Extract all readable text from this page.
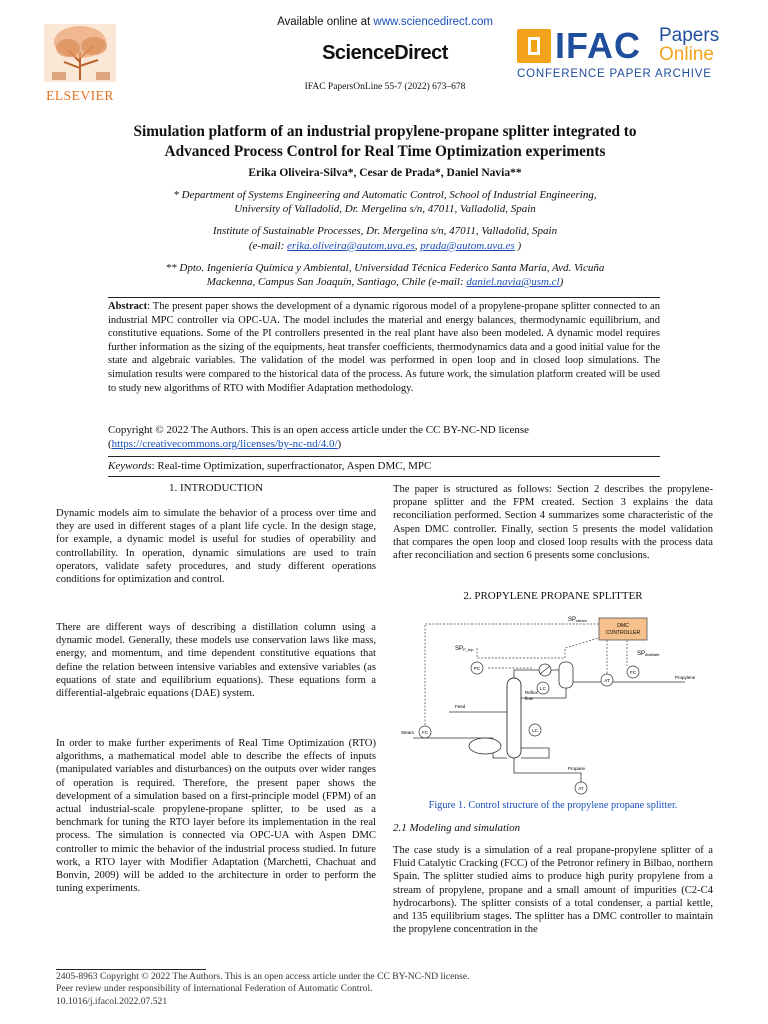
ELSEVIER
Available online at www.sciencedirect.com
ScienceDirect
IFAC PapersOnLine 55-7 (2022) 673–678
IFAC Papers
Online
CONFERENCE PAPER ARCHIVE
Simulation platform of an industrial propylene-propane splitter integrated to
Advanced Process Control for Real Time Optimization experiments
Erika Oliveira-Silva*, Cesar de Prada*, Daniel Navia**
* Department of Systems Engineering and Automatic Control, School of Industrial Engineering,
University of Valladolid, Dr. Mergelina s/n, 47011, Valladolid, Spain
Institute of Sustainable Processes, Dr. Mergelina s/n, 47011, Valladolid, Spain
(e-mail: erika.oliveira@autom.uva.es, prada@autom.uva.es )
** Dpto. Ingeniería Química y Ambiental, Universidad Técnica Federico Santa María, Avd. Vicuña
Mackenna, Campus San Joaquín, Santiago, Chile (e-mail: daniel.navia@usm.cl)
Abstract: The present paper shows the development of a dynamic rigorous model of a propylene-propane splitter connected to an industrial MPC controller via OPC-UA. The model includes the material and energy balances, thermodynamic equilibrium, and constitutive equations. Some of the PI controllers presented in the real plant have also been modeled. A dynamic model requires further information as the sizing of the equipments, heat transfer coefficients, thermodynamics data and a good initial value for the state and algebraic variables. The validation of the model was performed in open loop and in closed loop simulations. The simulation results were compared to the historical data of the process. As future work, the simulation platform created will be used to study new algorithms of RTO with Modifier Adaptation methodology.
Copyright © 2022 The Authors. This is an open access article under the CC BY-NC-ND license
(https://creativecommons.org/licenses/by-nc-nd/4.0/)
Keywords: Real-time Optimization, superfractionator, Aspen DMC, MPC
1. INTRODUCTION
Dynamic models aim to simulate the behavior of a process over time and they are used in different stages of a plant life cycle. In the design stage, for example, a dynamic model is useful for studies of operability and controllability. In operation, dynamic simulations are used to train operators, validate safety procedures, and study different operations conditions for optimization and control.
There are different ways of describing a distillation column using a dynamic model. Generally, these models use conservation laws like mass, energy, and momentum, and time dependent constitutive equations that define the relation between intensive variables and extensive variables (as equations of state and equilibrium equations). These equations form a differential-algebraic equations (DAE) system.
In order to make further experiments of Real Time Optimization (RTO) algorithms, a mathematical model able to describe the effects of inputs (manipulated variables and disturbances) on the outputs over wider ranges of operation is required. Therefore, the present paper shows the development of a simulation based on a first-principle model (FPM) of an actual industrial-scale propylene-propane splitter, to be used as a benchmark for tuning the RTO layer before its implementation in the real process. The simulation is connected via OPC-UA with Aspen DMC controller to mimic the behavior of the industrial process studied. In future work, a RTO layer with Modifier Adaptation (Marchetti, Chachuat and Bonvin, 2009) will be added to the architecture in order to perform the tuning experiments.
The paper is structured as follows: Section 2 describes the propylene-propane splitter and the FPM created. Section 3 explains the data reconciliation performed. Section 4 summarizes some characteristic of the Aspen DMC controller. Finally, section 5 presents the model validation that compares the open loop and closed loop results with the process data after reconciliation and section 6 presents some conclusions.
2. PROPYLENE PROPANE SPLITTER
DMC
CONTROLLER
SPsteam
SPP_top
SPdistillate
PC
LC
AT
FC
FC	LC
AT
Reflux
flow
Propylene
Feed
Steam
Propane
Figure 1. Control structure of the propylene propane splitter.
2.1 Modeling and simulation
The case study is a simulation of a real propane-propylene splitter of a Fluid Catalytic Cracking (FCC) of the Petronor refinery in Bilbao, northern Spain. The splitter studied aims to produce high purity propylene from a stream of propylene, propane and a small amount of impurities (C2-C4 hydrocarbons). The splitter consists of a total condenser, a partial kettle, and 135 equilibrium stages. The splitter has a DMC controller to maintain the propylene concentration in the
2405-8963 Copyright © 2022 The Authors. This is an open access article under the CC BY-NC-ND license.
Peer review under responsibility of International Federation of Automatic Control.
10.1016/j.ifacol.2022.07.521
